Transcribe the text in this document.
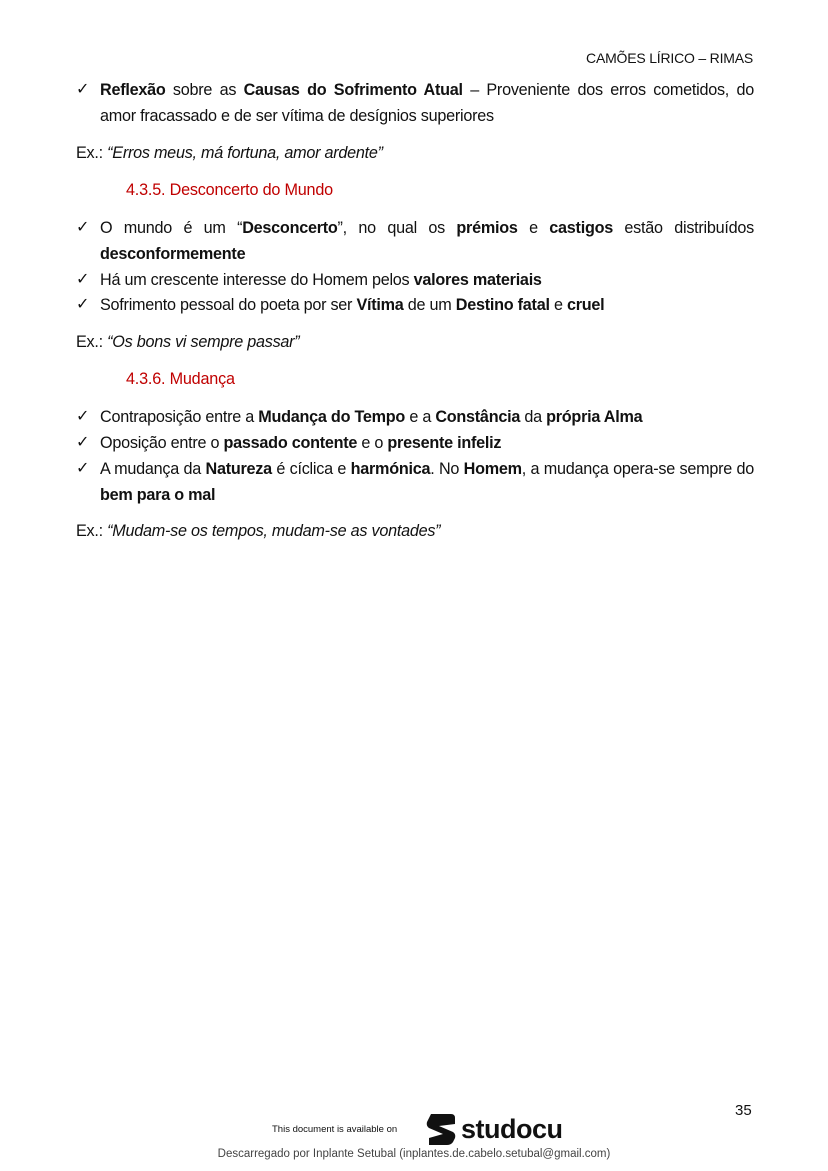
CAMÕES LÍRICO – RIMAS
✓ Reflexão sobre as Causas do Sofrimento Atual – Proveniente dos erros cometidos, do amor fracassado e de ser vítima de desígnios superiores
Ex.: “Erros meus, má fortuna, amor ardente”
4.3.5. Desconcerto do Mundo
✓ O mundo é um “Desconcerto”, no qual os prémios e castigos estão distribuídos desconformemente
✓ Há um crescente interesse do Homem pelos valores materiais
✓ Sofrimento pessoal do poeta por ser Vítima de um Destino fatal e cruel
Ex.: “Os bons vi sempre passar”
4.3.6. Mudança
✓ Contraposição entre a Mudança do Tempo e a Constância da própria Alma
✓ Oposição entre o passado contente e o presente infeliz
✓ A mudança da Natureza é cíclica e harmónica. No Homem, a mudança opera-se sempre do bem para o mal
Ex.: “Mudam-se os tempos, mudam-se as vontades”
35
This document is available on studocu
Descarregado por Inplante Setubal (inplantes.de.cabelo.setubal@gmail.com)
